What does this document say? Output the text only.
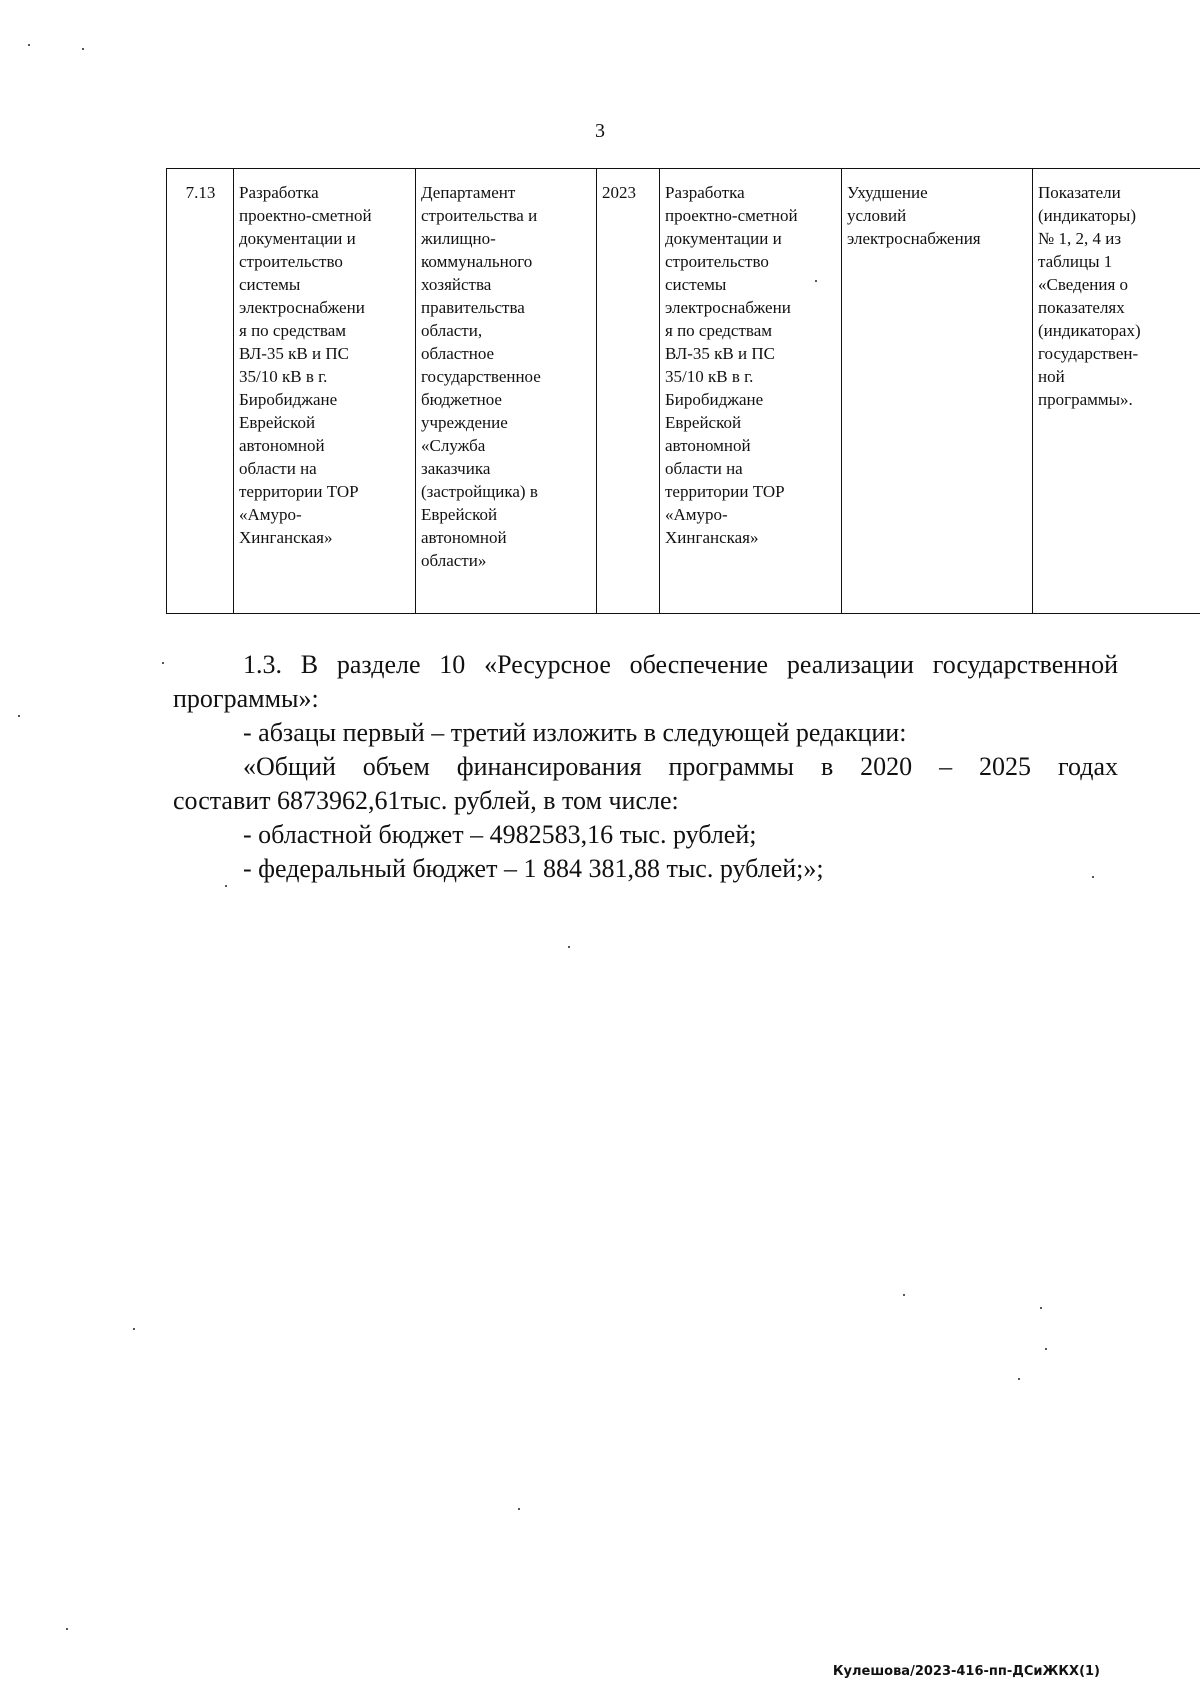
3
7.13	Разработка
проектно-сметной
документации и
строительство
системы
электроснабжени
я по средствам
ВЛ-35 кВ и ПС
35/10 кВ в г.
Биробиджане
Еврейской
автономной
области на
территории ТОР
«Амуро-
Хинганская»	Департамент
строительства и
жилищно-
коммунального
хозяйства
правительства
области,
областное
государственное
бюджетное
учреждение
«Служба
заказчика
(застройщика) в
Еврейской
автономной
области»	2023	Разработка
проектно-сметной
документации и
строительство
системы
электроснабжени
я по средствам
ВЛ-35 кВ и ПС
35/10 кВ в г.
Биробиджане
Еврейской
автономной
области на
территории ТОР
«Амуро-
Хинганская»	Ухудшение
условий
электроснабжения	Показатели
(индикаторы)
№ 1, 2, 4 из
таблицы 1
«Сведения о
показателях
(индикаторах)
государствен-
ной
программы».

1.3. В разделе 10 «Ресурсное обеспечение реализации государственной

программы»:

- абзацы первый – третий изложить в следующей редакции:

«Общий объем финансирования программы в 2020 – 2025 годах

составит 6873962,61тыс. рублей, в том числе:

- областной бюджет – 4982583,16 тыс. рублей;

- федеральный бюджет – 1 884 381,88 тыс. рублей;»;

Кулешова/2023-416-пп-ДСиЖКХ(1)
